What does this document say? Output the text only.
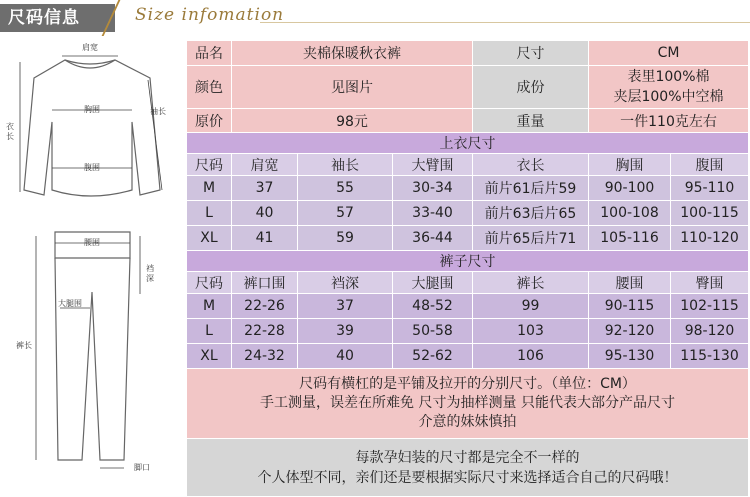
尺码信息	Size infomation
肩宽
袖长
胸围
腹围
衣长
腰围
裆深
大腿围
裤长
脚口
品名	夹棉保暖秋衣裤			尺寸	CM	
颜色	见图片			成份	表里100%棉
夹层100%中空棉	

原价	98元			重量	一件110克左右	
上衣尺寸						
尺码	肩宽	袖长	大臂围	衣长	胸围	腹围
M	37	55	30-34	前片61后片59	90-100	95-110
L	40	57	33-40	前片63后片65	100-108	100-115
XL	41	59	36-44	前片65后片71	105-116	110-120
裤子尺寸						
尺码	裤口围	裆深	大腿围	裤长	腰围	臀围
M	22-26	37	48-52	99	90-115	102-115
L	22-28	39	50-58	103	92-120	98-120
XL	24-32	40	52-62	106	95-130	115-130

尺码有横杠的是平铺及拉开的分别尺寸。（单位：CM）
手工测量，误差在所难免 尺寸为抽样测量 只能代表大部分产品尺寸
介意的妹妹慎拍						

每款孕妇装的尺寸都是完全不一样的
个人体型不同，亲们还是要根据实际尺寸来选择适合自己的尺码哦！						
